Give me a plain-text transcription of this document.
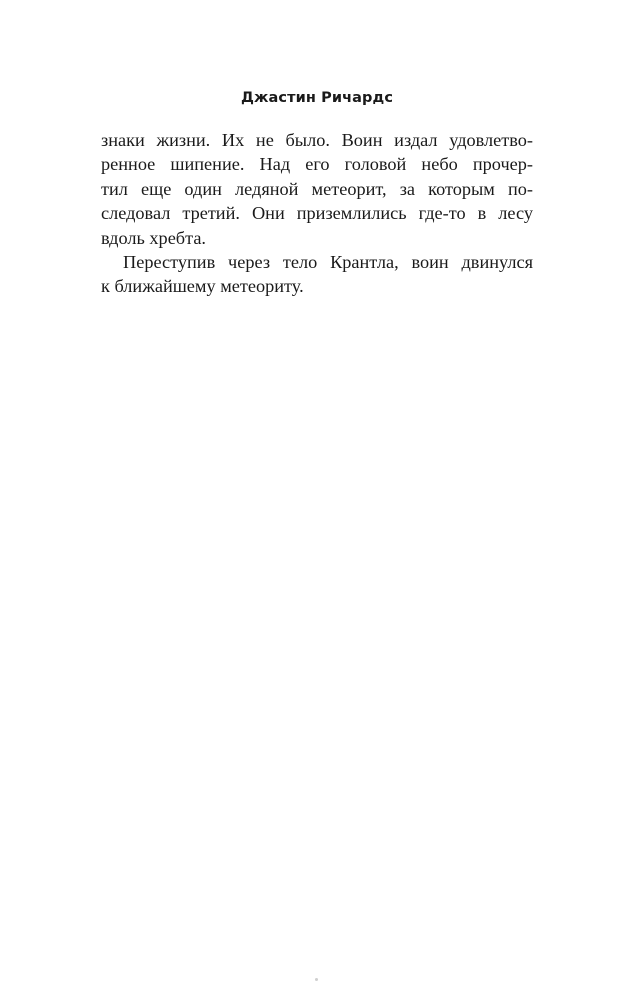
Джастин Ричардс
знаки жизни. Их не было. Воин издал удовлетво-
ренное шипение. Над его головой небо прочер-
тил еще один ледяной метеорит, за которым по-
следовал третий. Они приземлились где-то в лесу
вдоль хребта.
Переступив через тело Крантла, воин двинулся
к ближайшему метеориту.
